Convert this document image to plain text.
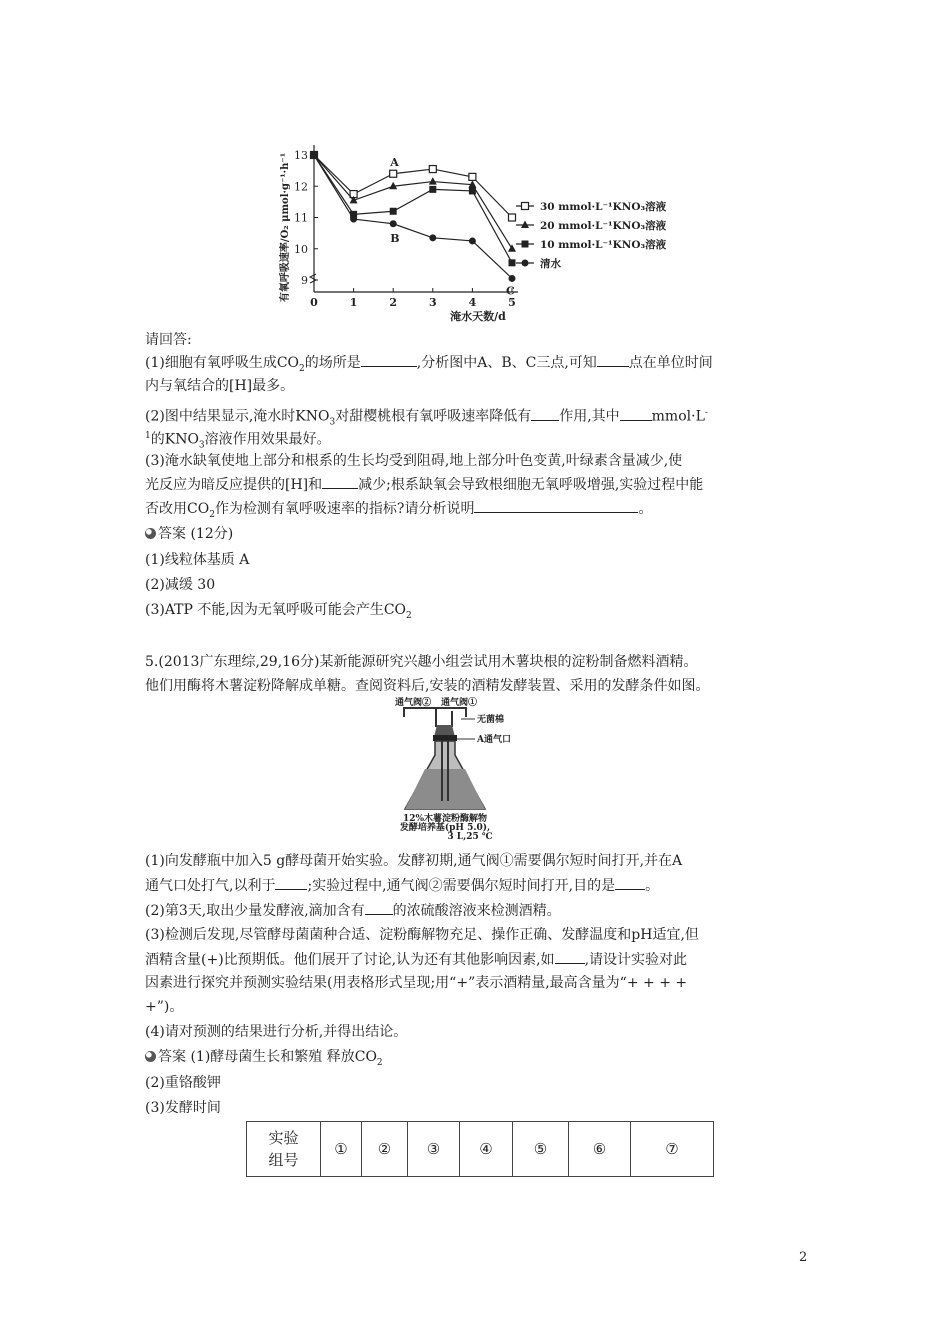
9
10
11
12
13
0	1	2	3	4	5
淹水天数/d
有氧呼吸速率/O₂ μmol·g⁻¹·h⁻¹	30 mmol·L⁻¹KNO₃溶液
20 mmol·L⁻¹KNO₃溶液
10 mmol·L⁻¹KNO₃溶液
清水
A
B
C
请回答:
(1)细胞有氧呼吸生成$CO_2$的场所是	,分析图中A、B、C三点,可知 点在单位时间
内与氧结合的[H]最多。
(2)图中结果显示,淹水时$KNO_3$对甜樱桃根有氧呼吸速率降低有 作用,其中 mmol·L-
$^1$的$KNO_3$溶液作用效果最好。
(3)淹水缺氧使地上部分和根系的生长均受到阻碍,地上部分叶色变黄,叶绿素含量减少,使
光反应为暗反应提供的[H]和	减少;根系缺氧会导致根细胞无氧呼吸增强,实验过程中能
否改用$CO_2$作为检测有氧呼吸速率的指标?请分析说明	。
答案 (12分)
(1)线粒体基质 A
(2)减缓 30
(3)ATP 不能,因为无氧呼吸可能会产生$CO_2$
5.(2013广东理综,29,16分)某新能源研究兴趣小组尝试用木薯块根的淀粉制备燃料酒精。
他们用酶将木薯淀粉降解成单糖。查阅资料后,安装的酒精发酵装置、采用的发酵条件如图。
通气阀② 通气阀①
无菌棉
A通气口
12%木薯淀粉酶解物
发酵培养基(pH 5.0),
3 L,25 ℃
(1)向发酵瓶中加入5 g酵母菌开始实验。发酵初期,通气阀①需要偶尔短时间打开,并在A
通气口处打气,以利于 ;实验过程中,通气阀②需要偶尔短时间打开,目的是 。
(2)第3天,取出少量发酵液,滴加含有 的浓硫酸溶液来检测酒精。
(3)检测后发现,尽管酵母菌菌种合适、淀粉酶解物充足、操作正确、发酵温度和pH适宜,但
酒精含量(+)比预期低。他们展开了讨论,认为还有其他影响因素,如 ,请设计实验对此
因素进行探究并预测实验结果(用表格形式呈现;用“+”表示酒精量,最高含量为“+ + + +
+”)。
(4)请对预测的结果进行分析,并得出结论。
答案 (1)酵母菌生长和繁殖 释放$CO_2$
(2)重铬酸钾
(3)发酵时间
实验
组号	①	②	③	④	⑤	⑥	⑦
2
